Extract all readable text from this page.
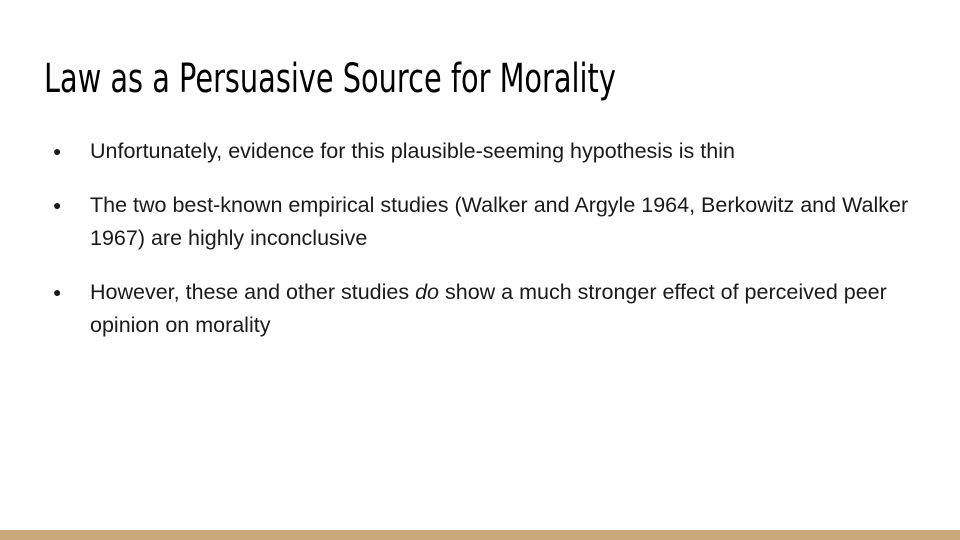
Law as a Persuasive Source for Morality
● Unfortunately, evidence for this plausible-seeming hypothesis is thin
● The two best-known empirical studies (Walker and Argyle 1964, Berkowitz and Walker 1967) are highly inconclusive
● However, these and other studies do show a much stronger effect of perceived peer opinion on morality
